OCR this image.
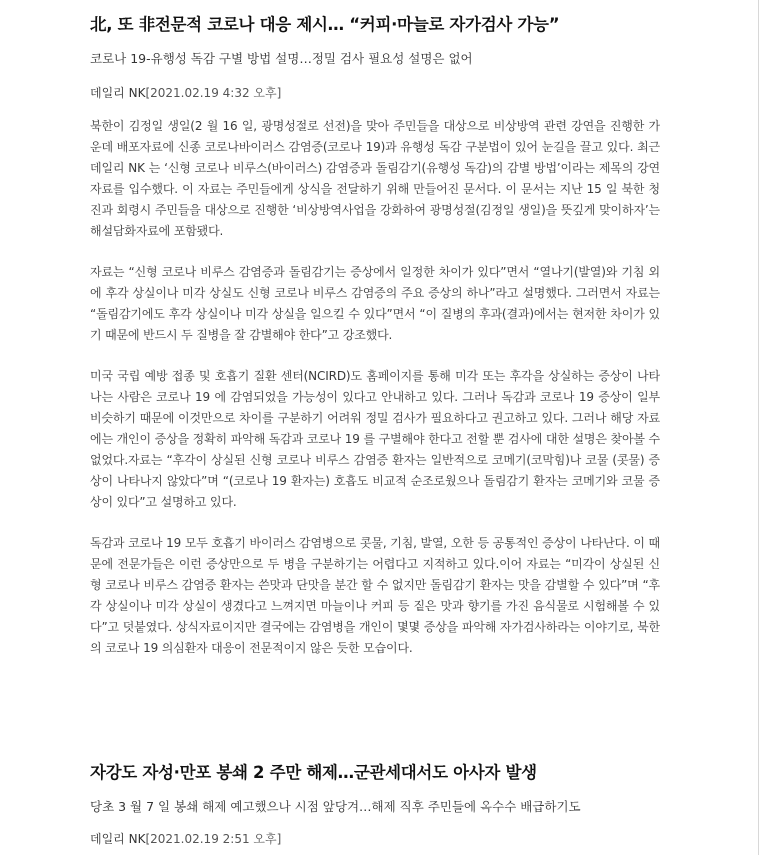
北, 또 非전문적 코로나 대응 제시… “커피·마늘로 자가검사 가능”
코로나 19-유행성 독감 구별 방법 설명…정밀 검사 필요성 설명은 없어
데일리 NK[2021.02.19 4:32 오후]
북한이 김정일 생일(2 월 16 일, 광명성절로 선전)을 맞아 주민들을 대상으로 비상방역 관련 강연을 진행한 가운데 배포자료에 신종 코로나바이러스 감염증(코로나 19)과 유행성 독감 구분법이 있어 눈길을 끌고 있다. 최근 데일리 NK 는 ‘신형 코로나 비루스(바이러스) 감염증과 돌림감기(유행성 독감)의 감별 방법’이라는 제목의 강연자료를 입수했다. 이 자료는 주민들에게 상식을 전달하기 위해 만들어진 문서다. 이 문서는 지난 15 일 북한 청진과 회령시 주민들을 대상으로 진행한 ‘비상방역사업을 강화하여 광명성절(김정일 생일)을 뜻깊게 맞이하자’는 해설담화자료에 포함됐다.
자료는 “신형 코로나 비루스 감염증과 돌림감기는 증상에서 일정한 차이가 있다”면서 “열나기(발열)와 기침 외에 후각 상실이나 미각 상실도 신형 코로나 비루스 감염증의 주요 증상의 하나”라고 설명했다. 그러면서 자료는 “돌림감기에도 후각 상실이나 미각 상실을 일으킬 수 있다”면서 “이 질병의 후과(결과)에서는 현저한 차이가 있기 때문에 반드시 두 질병을 잘 감별해야 한다”고 강조했다.
미국 국립 예방 접종 및 호흡기 질환 센터(NCIRD)도 홈페이지를 통해 미각 또는 후각을 상실하는 증상이 나타나는 사람은 코로나 19 에 감염되었을 가능성이 있다고 안내하고 있다. 그러나 독감과 코로나 19 증상이 일부 비슷하기 때문에 이것만으로 차이를 구분하기 어려워 정밀 검사가 필요하다고 권고하고 있다. 그러나 해당 자료에는 개인이 증상을 정확히 파악해 독감과 코로나 19 를 구별해야 한다고 전할 뿐 검사에 대한 설명은 찾아볼 수 없었다.자료는 “후각이 상실된 신형 코로나 비루스 감염증 환자는 일반적으로 코메기(코막힘)나 코물 (콧물) 증상이 나타나지 않았다”며 “(코로나 19 환자는) 호흡도 비교적 순조로웠으나 돌림감기 환자는 코메기와 코물 증상이 있다”고 설명하고 있다.
독감과 코로나 19 모두 호흡기 바이러스 감염병으로 콧물, 기침, 발열, 오한 등 공통적인 증상이 나타난다. 이 때문에 전문가들은 이런 증상만으로 두 병을 구분하기는 어렵다고 지적하고 있다.이어 자료는 “미각이 상실된 신형 코로나 비루스 감염증 환자는 쓴맛과 단맛을 분간 할 수 없지만 돌림감기 환자는 맛을 감별할 수 있다”며 “후각 상실이나 미각 상실이 생겼다고 느껴지면 마늘이나 커피 등 짙은 맛과 향기를 가진 음식물로 시험해볼 수 있다”고 덧붙였다. 상식자료이지만 결국에는 감염병을 개인이 몇몇 증상을 파악해 자가검사하라는 이야기로, 북한의 코로나 19 의심환자 대응이 전문적이지 않은 듯한 모습이다.
자강도 자성·만포 봉쇄 2 주만 해제…군관세대서도 아사자 발생
당초 3 월 7 일 봉쇄 해제 예고했으나 시점 앞당겨…해제 직후 주민들에 옥수수 배급하기도
데일리 NK[2021.02.19 2:51 오후]
